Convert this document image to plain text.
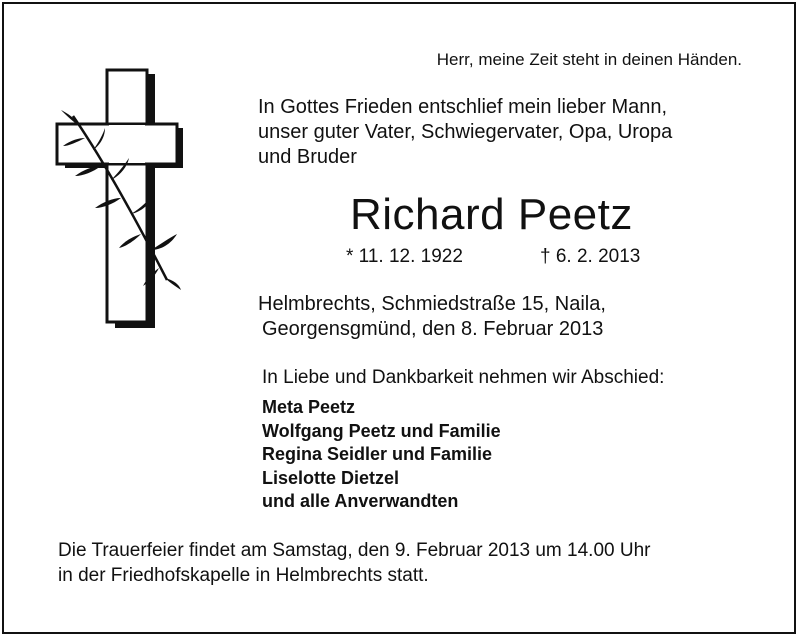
Herr, meine Zeit steht in deinen Händen.
In Gottes Frieden entschlief mein lieber Mann,
unser guter Vater, Schwiegervater, Opa, Uropa
und Bruder
Richard Peetz
* 11. 12. 1922	† 6. 2. 2013
Helmbrechts, Schmiedstraße 15, Naila,
Georgensgmünd, den 8. Februar 2013
In Liebe und Dankbarkeit nehmen wir Abschied:
Meta Peetz
Wolfgang Peetz und Familie
Regina Seidler und Familie
Liselotte Dietzel
und alle Anverwandten
Die Trauerfeier findet am Samstag, den 9. Februar 2013 um 14.00 Uhr
in der Friedhofskapelle in Helmbrechts statt.
